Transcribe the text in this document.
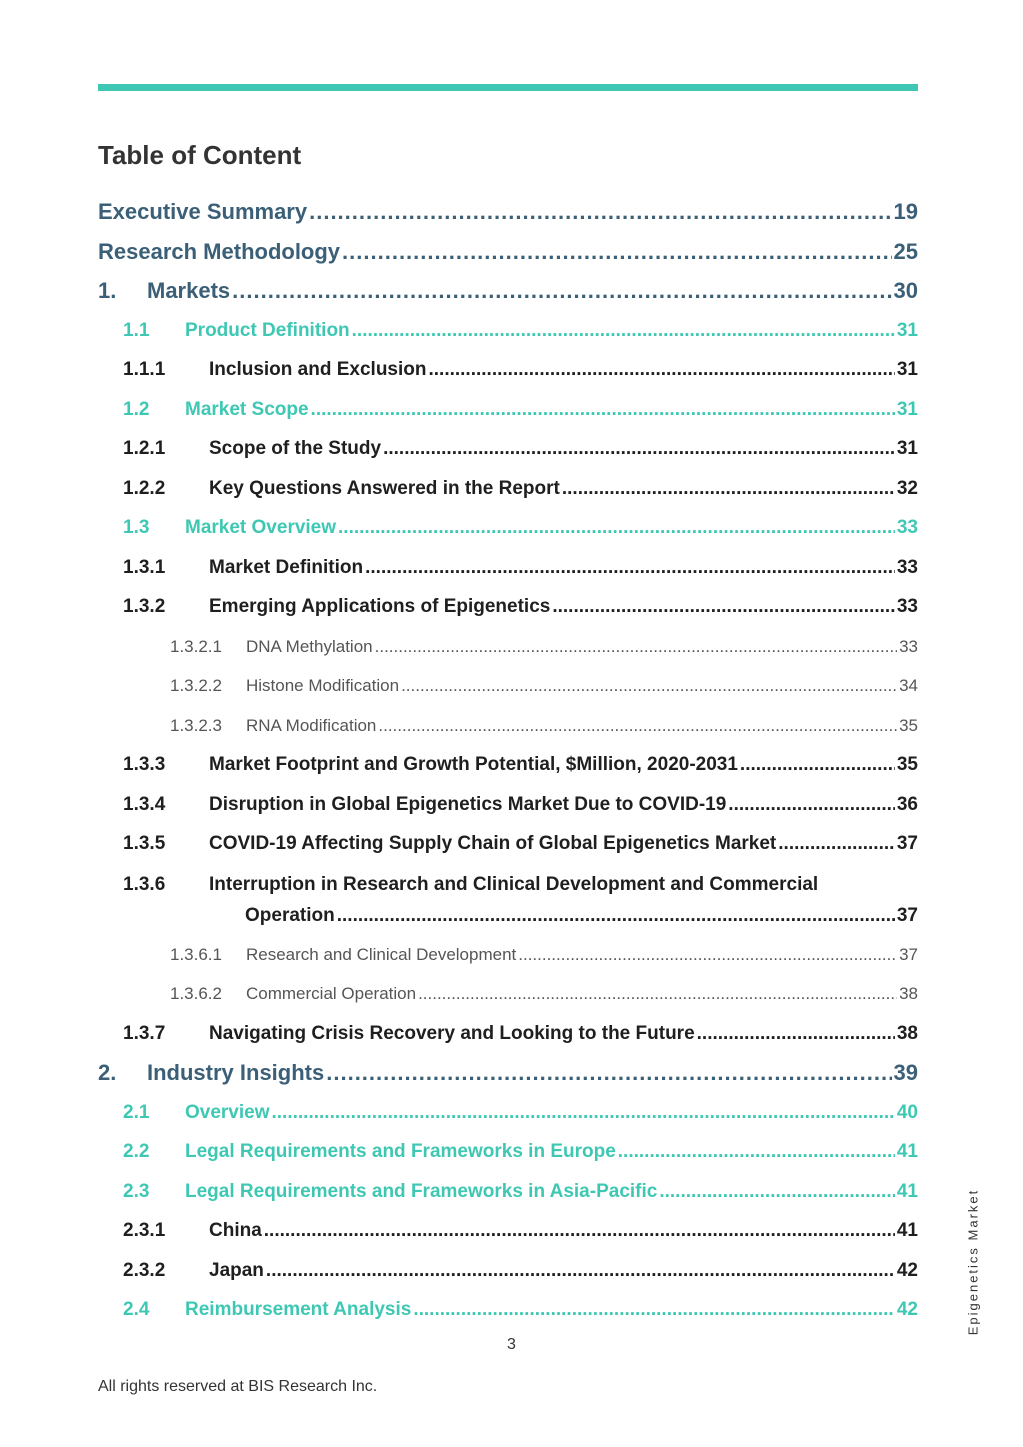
Table of Content
Executive Summary .....	19
Research Methodology .....	25
1.	Markets .....	30
1.1	Product Definition .....	31
1.1.1	Inclusion and Exclusion .....	31
1.2	Market Scope .....	31
1.2.1	Scope of the Study .....	31
1.2.2	Key Questions Answered in the Report .....	32
1.3	Market Overview .....	33
1.3.1	Market Definition .....	33
1.3.2	Emerging Applications of Epigenetics .....	33
1.3.2.1	DNA Methylation .....	33
1.3.2.2	Histone Modification .....	34
1.3.2.3	RNA Modification .....	35
1.3.3	Market Footprint and Growth Potential, $Million, 2020-2031 .....	35
1.3.4	Disruption in Global Epigenetics Market Due to COVID-19 .....	36
1.3.5	COVID-19 Affecting Supply Chain of Global Epigenetics Market .....	37
1.3.6	Interruption in Research and Clinical Development and Commercial
Operation .....	37
1.3.6.1	Research and Clinical Development .....	37
1.3.6.2	Commercial Operation .....	38
1.3.7	Navigating Crisis Recovery and Looking to the Future .....	38
2.	Industry Insights .....	39
2.1	Overview .....	40
2.2	Legal Requirements and Frameworks in Europe .....	41
2.3	Legal Requirements and Frameworks in Asia-Pacific .....	41
2.3.1	China .....	41
2.3.2	Japan .....	42
2.4	Reimbursement Analysis .....	42
3
All rights reserved at BIS Research Inc.
Epigenetics Market
